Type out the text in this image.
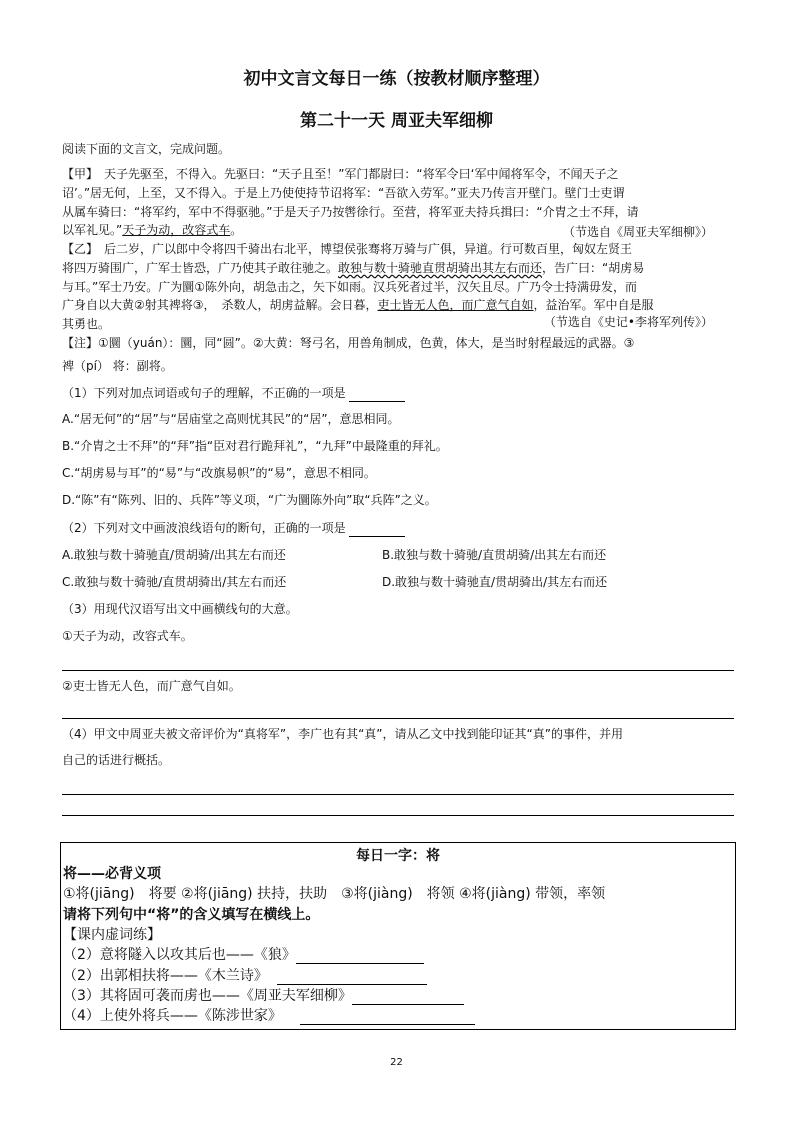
初中文言文每日一练（按教材顺序整理）
第二十一天 周亚夫军细柳
阅读下面的文言文，完成问题。
【甲】　天子先驱至，不得入。先驱曰：“天子且至！”军门都尉曰：“将军令曰‘军中闻将军令，不闻天子之
诏’。”居无何，上至，又不得入。于是上乃使使持节诏将军：“吾欲入劳军。”亚夫乃传言开壁门。壁门士吏谓
从属车骑曰：“将军约，军中不得驱驰。”于是天子乃按辔徐行。至营，将军亚夫持兵揖曰：“介胄之士不拜，请
以军礼见。”天子为动，改容式车。	（节选自《周亚夫军细柳》）
【乙】　后二岁，广以郎中令将四千骑出右北平，博望侯张骞将万骑与广俱，异道。行可数百里，匈奴左贤王
将四万骑围广，广军士皆恐，广乃使其子敢往驰之。敢独与数十骑驰直贯胡骑出其左右而还，告广曰：“胡虏易
与耳。”军士乃安。广为圜①陈外向，胡急击之，矢下如雨。汉兵死者过半，汉矢且尽。广乃令士持满毋发，而
广身自以大黄②射其裨将③，　杀数人，胡虏益解。会日暮，吏士皆无人色，而广意气自如，益治军。军中自是服
其勇也。	（节选自《史记•李将军列传》）
【注】①圜（yuán）：圜，同“圆”。②大黄：弩弓名，用兽角制成，色黄，体大，是当时射程最远的武器。③
裨（pí） 将：副将。
（1）下列对加点词语或句子的理解，不正确的一项是
A.“居无何”的“居”与“居庙堂之高则忧其民”的“居”，意思相同。
B.“介胄之士不拜”的“拜”指“臣对君行跪拜礼”，“九拜”中最隆重的拜礼。
C.“胡虏易与耳”的“易”与“改旗易帜”的“易”，意思不相同。
D.“陈”有“陈列、旧的、兵阵”等义项，“广为圜陈外向”取“兵阵”之义。
（2）下列对文中画波浪线语句的断句，正确的一项是
A.敢独与数十骑驰直/贯胡骑/出其左右而还	B.敢独与数十骑驰/直贯胡骑/出其左右而还
C.敢独与数十骑驰/直贯胡骑出/其左右而还	D.敢独与数十骑驰直/贯胡骑出/其左右而还
（3）用现代汉语写出文中画横线句的大意。
①天子为动，改容式车。
②吏士皆无人色，而广意气自如。
（4）甲文中周亚夫被文帝评价为“真将军”，李广也有其“真”，请从乙文中找到能印证其“真”的事件，并用
自己的话进行概括。
每日一字：将
将——必背义项
①将(jiāng)　将要 ②将(jiāng) 扶持，扶助　③将(jiàng)　将领 ④将(jiàng) 带领，率领
请将下列句中“将”的含义填写在横线上。
【课内虚词练】
（2）意将隧入以攻其后也——《狼》
（2）出郭相扶将——《木兰诗》
（3）其将固可袭而虏也——《周亚夫军细柳》
（4）上使外将兵——《陈涉世家》
22
